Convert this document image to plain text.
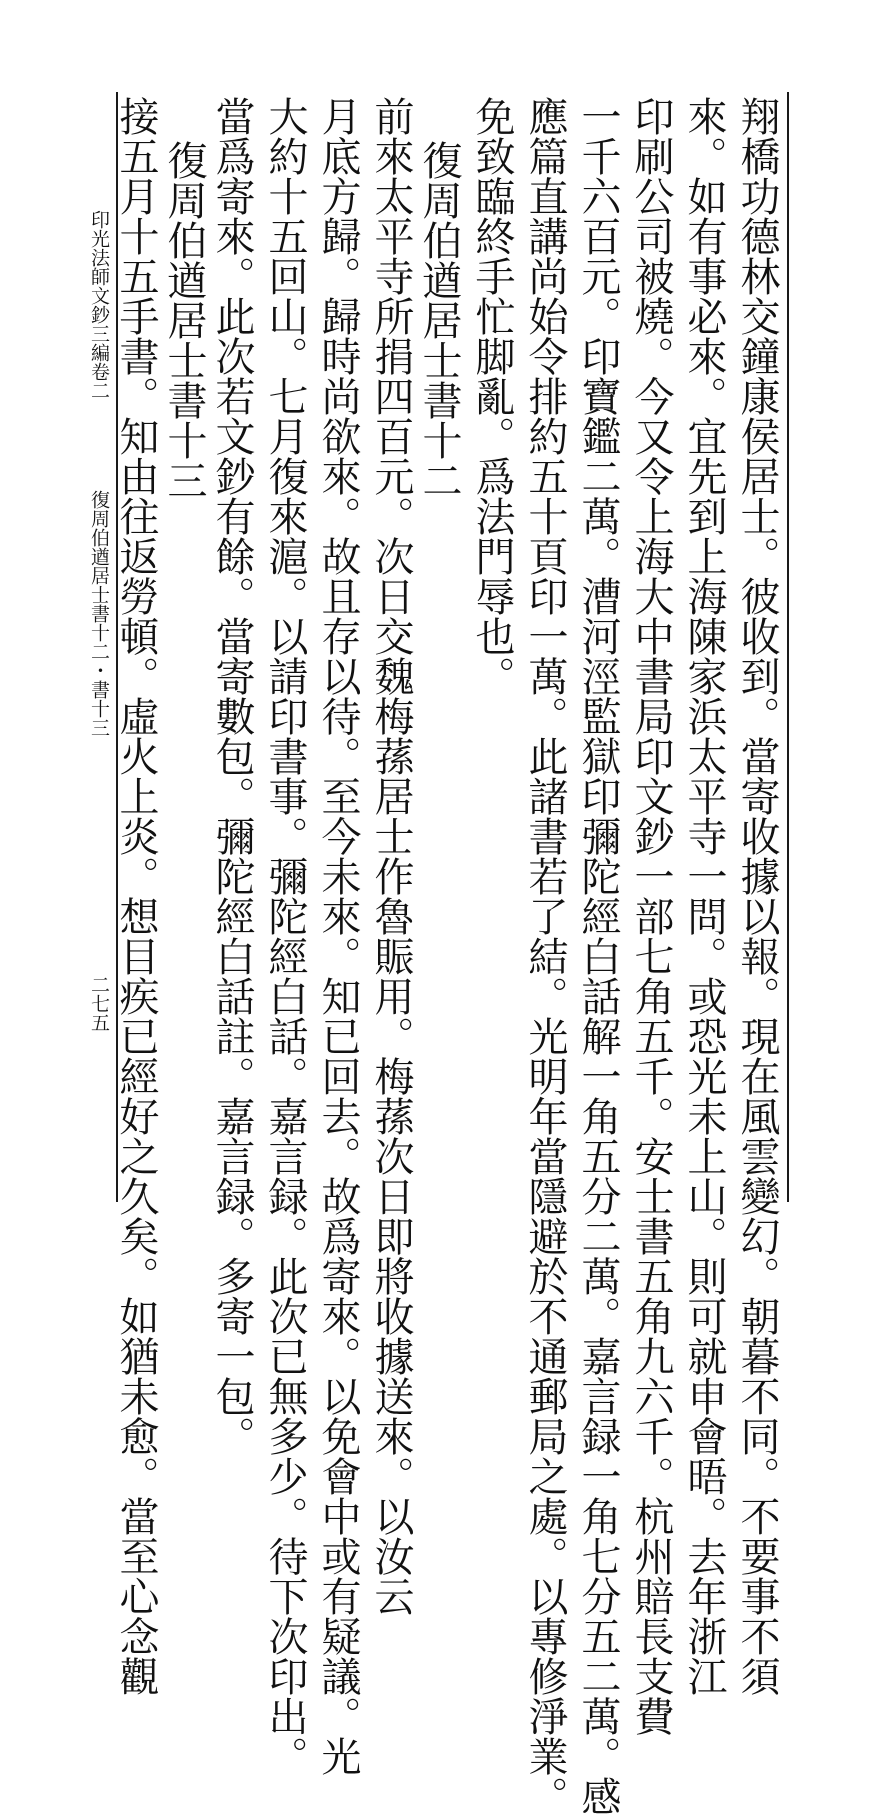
翔橋功德林交鐘康侯居士。彼收到。當寄收據以報。現在風雲變幻。朝暮不同。不要事不須
來。如有事必來。宜先到上海陳家浜太平寺一問。或恐光未上山。則可就申會晤。去年浙江
印刷公司被燒。今又令上海大中書局印文鈔一部七角五千。安士書五角九六千。杭州賠長支費
一千六百元。印寶鑑二萬。漕河涇監獄印彌陀經白話解一角五分二萬。嘉言録一角七分五二萬。感
應篇直講尚始令排約五十頁印一萬。此諸書若了結。光明年當隱避於不通郵局之處。以專修淨業。
免致臨終手忙脚亂。爲法門辱也。
復周伯遒居士書十二
前來太平寺所捐四百元。次日交魏梅蓀居士作魯賑用。梅蓀次日即將收據送來。以汝云
月底方歸。歸時尚欲來。故且存以待。至今未來。知已回去。故爲寄來。以免會中或有疑議。光
大約十五回山。七月復來滬。以請印書事。彌陀經白話。嘉言録。此次已無多少。待下次印出。
當爲寄來。此次若文鈔有餘。當寄數包。彌陀經白話註。嘉言録。多寄一包。
復周伯遒居士書十三
接五月十五手書。知由往返勞頓。虛火上炎。想目疾已經好之久矣。如猶未愈。當至心念觀
印光法師文鈔三編卷二
復周伯遒居士書十二・書十三
二七五
